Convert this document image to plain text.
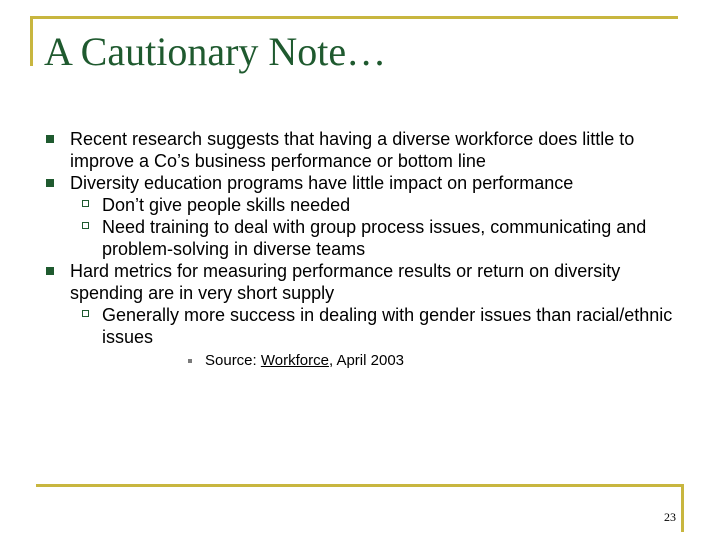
A Cautionary Note…
Recent research suggests that having a diverse workforce does little to improve a Co’s business performance or bottom line
Diversity education programs have little impact on performance
Don’t give people skills needed
Need training to deal with group process issues, communicating and problem-solving in diverse teams
Hard metrics for measuring performance results or return on diversity spending are in very short supply
Generally more success in dealing with gender issues than racial/ethnic issues
Source: Workforce, April 2003
23
